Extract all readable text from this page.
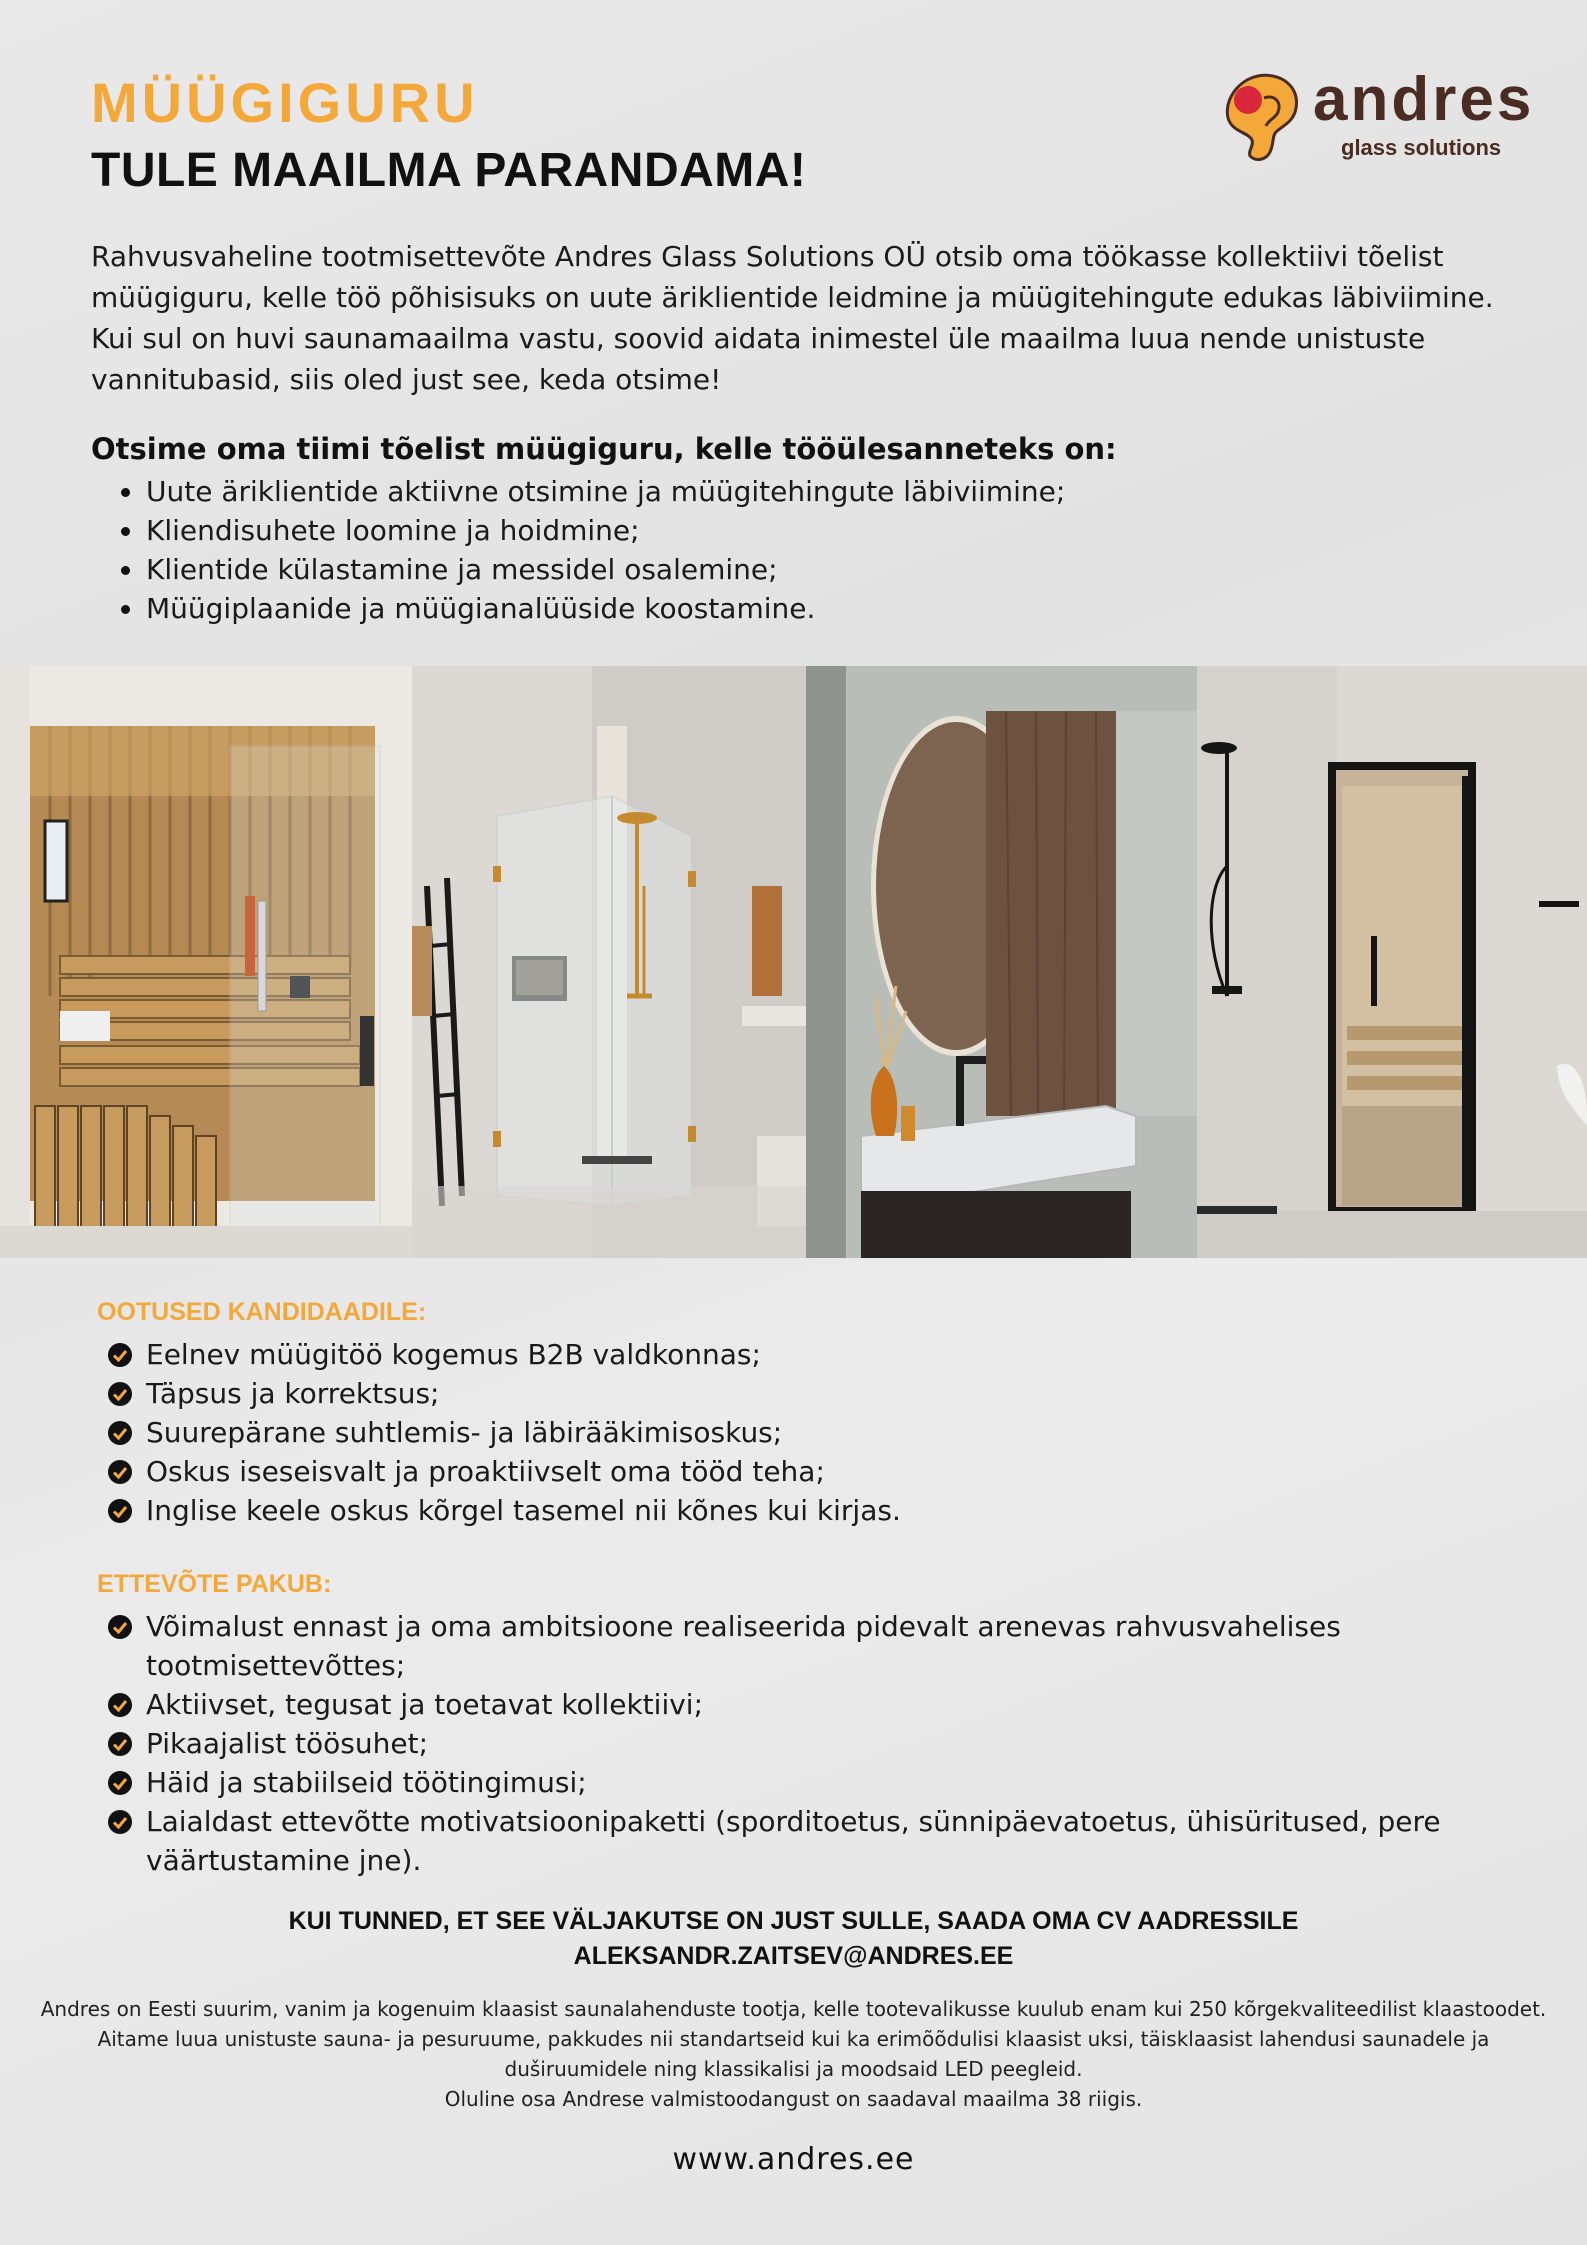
MÜÜGIGURU
TULE MAAILMA PARANDAMA!
andres
glass solutions
Rahvusvaheline tootmisettevõte Andres Glass Solutions OÜ otsib oma töökasse kollektiivi tõelist müügiguru, kelle töö põhisisuks on uute äriklientide leidmine ja müügitehingute edukas läbiviimine. Kui sul on huvi saunamaailma vastu, soovid aidata inimestel üle maailma luua nende unistuste vannitubasid, siis oled just see, keda otsime!
Otsime oma tiimi tõelist müügiguru, kelle tööülesanneteks on:
Uute äriklientide aktiivne otsimine ja müügitehingute läbiviimine;
Kliendisuhete loomine ja hoidmine;
Klientide külastamine ja messidel osalemine;
Müügiplaanide ja müügianalüüside koostamine.
OOTUSED KANDIDAADILE:
Eelnev müügitöö kogemus B2B valdkonnas;
Täpsus ja korrektsus;
Suurepärane suhtlemis- ja läbirääkimisoskus;
Oskus iseseisvalt ja proaktiivselt oma tööd teha;
Inglise keele oskus kõrgel tasemel nii kõnes kui kirjas.
ETTEVÕTE PAKUB:
Võimalust ennast ja oma ambitsioone realiseerida pidevalt arenevas rahvusvahelises tootmisettevõttes;
Aktiivset, tegusat ja toetavat kollektiivi;
Pikaajalist töösuhet;
Häid ja stabiilseid töötingimusi;
Laialdast ettevõtte motivatsioonipaketti (sporditoetus, sünnipäevatoetus, ühisüritused, pere väärtustamine jne).
KUI TUNNED, ET SEE VÄLJAKUTSE ON JUST SULLE, SAADA OMA CV AADRESSILE
ALEKSANDR.ZAITSEV@ANDRES.EE
Andres on Eesti suurim, vanim ja kogenuim klaasist saunalahenduste tootja, kelle tootevalikusse kuulub enam kui 250 kõrgekvaliteedilist klaastoodet. Aitame luua unistuste sauna- ja pesuruume, pakkudes nii standartseid kui ka erimõõdulisi klaasist uksi, täisklaasist lahendusi saunadele ja duširuumidele ning klassikalisi ja moodsaid LED peegleid.
Oluline osa Andrese valmistoodangust on saadaval maailma 38 riigis.
www.andres.ee
